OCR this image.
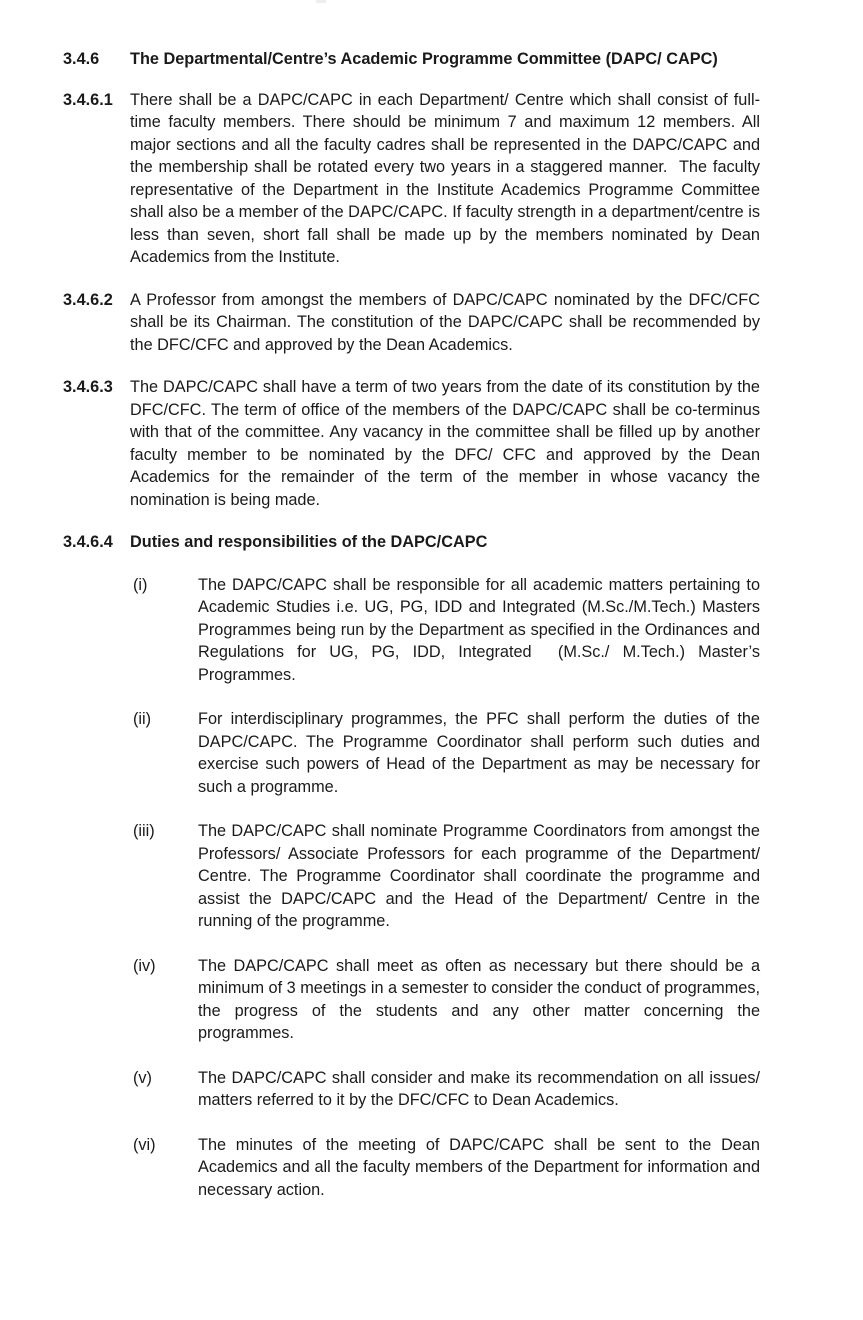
3.4.6	The Departmental/Centre’s Academic Programme Committee (DAPC/ CAPC)
3.4.6.1	There shall be a DAPC/CAPC in each Department/ Centre which shall consist of full-time faculty members. There should be minimum 7 and maximum 12 members. All major sections and all the faculty cadres shall be represented in the DAPC/CAPC and the membership shall be rotated every two years in a staggered manner.  The faculty representative of the Department in the Institute Academics Programme Committee shall also be a member of the DAPC/CAPC. If faculty strength in a department/centre is less than seven, short fall shall be made up by the members nominated by Dean Academics from the Institute.
3.4.6.2	A Professor from amongst the members of DAPC/CAPC nominated by the DFC/CFC shall be its Chairman. The constitution of the DAPC/CAPC shall be recommended by the DFC/CFC and approved by the Dean Academics.
3.4.6.3	The DAPC/CAPC shall have a term of two years from the date of its constitution by the DFC/CFC. The term of office of the members of the DAPC/CAPC shall be co-terminus with that of the committee. Any vacancy in the committee shall be filled up by another faculty member to be nominated by the DFC/ CFC and approved by the Dean Academics for the remainder of the term of the member in whose vacancy the nomination is being made.
3.4.6.4	Duties and responsibilities of the DAPC/CAPC
(i)	The DAPC/CAPC shall be responsible for all academic matters pertaining to Academic Studies i.e. UG, PG, IDD and Integrated (M.Sc./M.Tech.) Masters Programmes being run by the Department as specified in the Ordinances and Regulations for UG, PG, IDD, Integrated  (M.Sc./ M.Tech.) Master’s Programmes.
(ii)	For interdisciplinary programmes, the PFC shall perform the duties of the DAPC/CAPC. The Programme Coordinator shall perform such duties and exercise such powers of Head of the Department as may be necessary for such a programme.
(iii)	The DAPC/CAPC shall nominate Programme Coordinators from amongst the Professors/ Associate Professors for each programme of the Department/ Centre. The Programme Coordinator shall coordinate the programme and assist the DAPC/CAPC and the Head of the Department/ Centre in the running of the programme.
(iv)	The DAPC/CAPC shall meet as often as necessary but there should be a minimum of 3 meetings in a semester to consider the conduct of programmes, the progress of the students and any other matter concerning the programmes.
(v)	The DAPC/CAPC shall consider and make its recommendation on all issues/ matters referred to it by the DFC/CFC to Dean Academics.
(vi)	The minutes of the meeting of DAPC/CAPC shall be sent to the Dean Academics and all the faculty members of the Department for information and necessary action.
